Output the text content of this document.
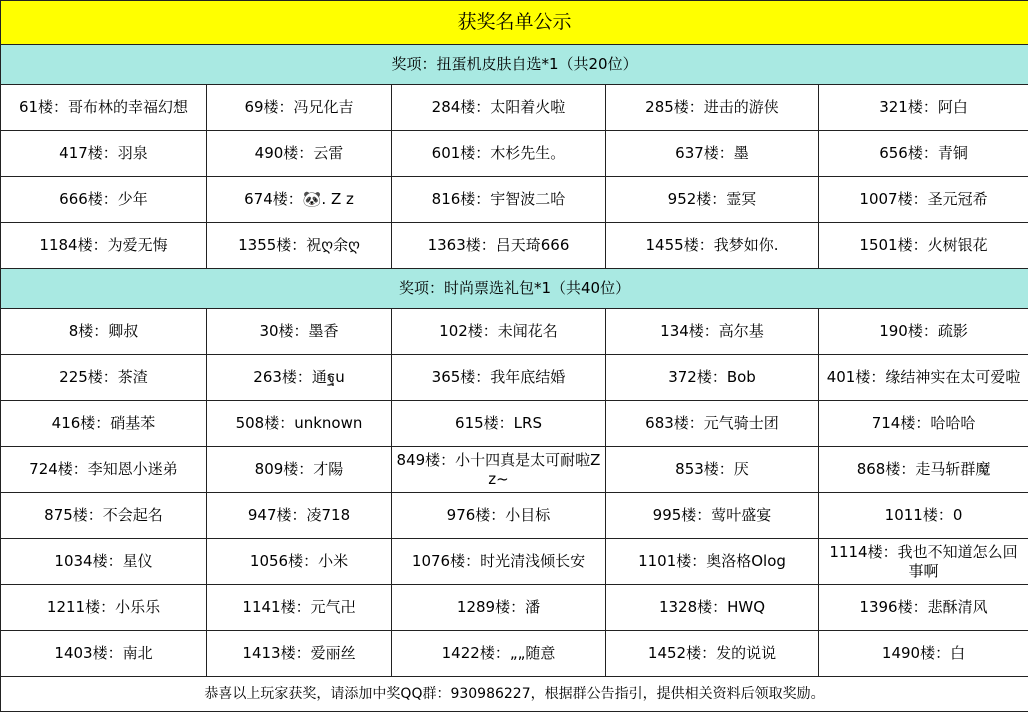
获奖名单公示				
奖项：扭蛋机皮肤自选*1（共20位）				
61楼：哥布林的幸福幻想	69楼：冯兄化吉	284楼：太阳着火啦	285楼：进击的游侠	321楼：阿白
417楼：羽泉	490楼：云雷	601楼：木杉先生。	637楼：墨	656楼：青铜
666楼：少年	674楼：🐼. Z z	816楼：宇智波二哈	952楼：霊冥	1007楼：圣元冠希
1184楼：为爱无悔	1355楼：祝ღ余ღ	1363楼：吕天琦666	1455楼：我梦如你.	1501楼：火树银花
奖项：时尚票选礼包*1（共40位）				
8楼：卿叔	30楼：墨香	102楼：未闻花名	134楼：高尔基	190楼：疏影
225楼：茶渣	263楼：通ฐu	365楼：我年底结婚	372楼：Bob	401楼：缘结神实在太可爱啦
416楼：硝基苯	508楼：unknown	615楼：LRS	683楼：元气骑士团	714楼：哈哈哈
724楼：李知恩小迷弟	809楼：才陽	849楼：小十四真是太可耐啦Zz~	853楼：厌	868楼：走马斩群魔
875楼：不会起名	947楼：凌718	976楼：小目标	995楼：莺叶盛宴	1011楼：0
1034楼：星仪	1056楼：小米	1076楼：时光清浅倾长安	1101楼：奥洛格Olog	1114楼：我也不知道怎么回事啊
1211楼：小乐乐	1141楼：元气卍	1289楼：潘	1328楼：HWQ	1396楼：悲酥清风
1403楼：南北	1413楼：爱丽丝	1422楼：„„随意	1452楼：发的说说	1490楼：白
恭喜以上玩家获奖，请添加中奖QQ群：930986227，根据群公告指引，提供相关资料后领取奖励。				
